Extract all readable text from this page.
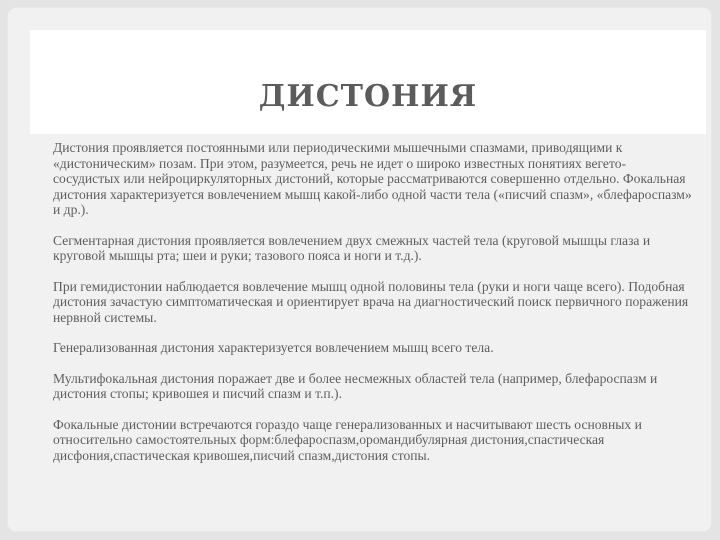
ДИСТОНИЯ

Дистония проявляется постоянными или периодическими мышечными спазмами, приводящими к «дистоническим» позам. При этом, разумеется, речь не идет о широко известных понятиях вегето-сосудистых или нейроциркуляторных дистоний, которые рассматриваются совершенно отдельно. Фокальная дистония характеризуется вовлечением мышц какой-либо одной части тела («писчий спазм», «блефароспазм» и др.).

Сегментарная дистония проявляется вовлечением двух смежных частей тела (круговой мышцы глаза и круговой мышцы рта; шеи и руки; тазового пояса и ноги и т.д.).

При гемидистонии наблюдается вовлечение мышц одной половины тела (руки и ноги чаще всего). Подобная дистония зачастую симптоматическая и ориентирует врача на диагностический поиск первичного поражения нервной системы.

Генерализованная дистония характеризуется вовлечением мышц всего тела.

Мультифокальная дистония поражает две и более несмежных областей тела (например, блефароспазм и дистония стопы; кривошея и писчий спазм и т.п.).

Фокальные дистонии встречаются гораздо чаще генерализованных и насчитывают шесть основных и относительно самостоятельных форм:блефароспазм,оромандибулярная дистония,спастическая дисфония,спастическая кривошея,писчий спазм,дистония стопы.
